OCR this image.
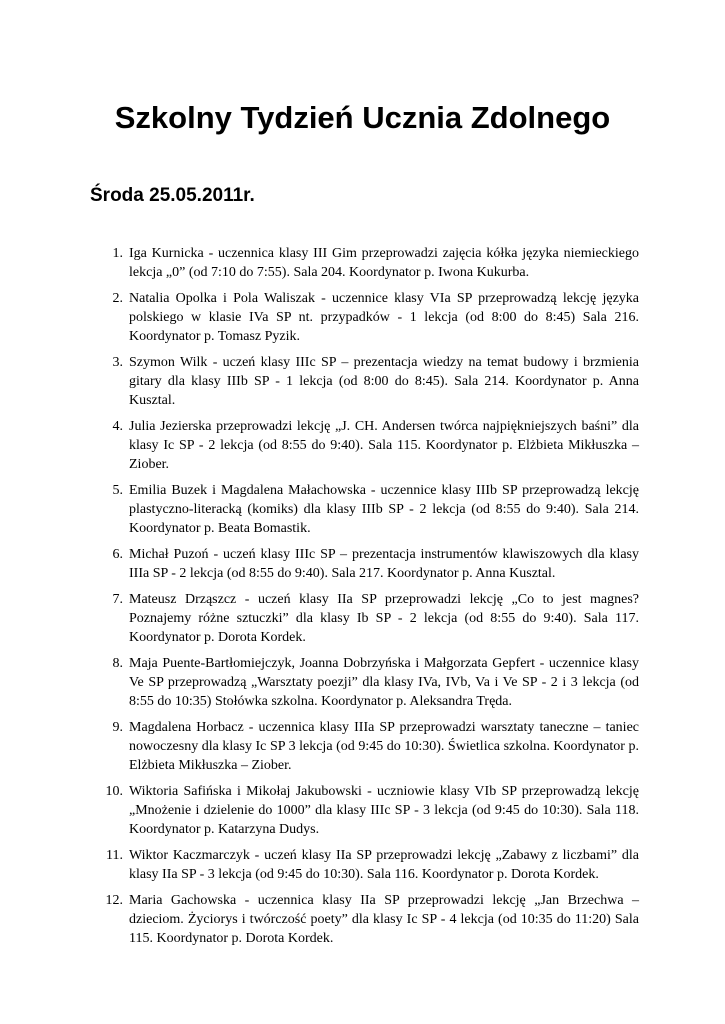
Szkolny Tydzień Ucznia Zdolnego
Środa 25.05.2011r.
1. Iga Kurnicka - uczennica klasy III Gim przeprowadzi zajęcia kółka języka niemieckiego lekcja „0” (od 7:10 do 7:55). Sala 204. Koordynator p. Iwona Kukurba.
2. Natalia Opolka i Pola Waliszak - uczennice klasy VIa SP przeprowadzą lekcję języka polskiego w klasie IVa SP nt. przypadków - 1 lekcja (od 8:00 do 8:45) Sala 216. Koordynator p. Tomasz Pyzik.
3. Szymon Wilk - uczeń klasy IIIc SP – prezentacja wiedzy na temat budowy i brzmienia gitary dla klasy IIIb SP - 1 lekcja (od 8:00 do 8:45). Sala 214. Koordynator p. Anna Kusztal.
4. Julia Jezierska przeprowadzi lekcję „J. CH. Andersen twórca najpiękniejszych baśni” dla klasy Ic SP - 2 lekcja (od 8:55 do 9:40). Sala 115. Koordynator p. Elżbieta Mikłuszka – Ziober.
5. Emilia Buzek i Magdalena Małachowska - uczennice klasy IIIb SP przeprowadzą lekcję plastyczno-literacką (komiks) dla klasy IIIb SP - 2 lekcja (od 8:55 do 9:40). Sala 214. Koordynator p. Beata Bomastik.
6. Michał Puzoń - uczeń klasy IIIc SP – prezentacja instrumentów klawiszowych dla klasy IIIa SP - 2 lekcja (od 8:55 do 9:40). Sala 217. Koordynator p. Anna Kusztal.
7. Mateusz Drząszcz - uczeń klasy IIa SP przeprowadzi lekcję „Co to jest magnes? Poznajemy różne sztuczki” dla klasy Ib SP - 2 lekcja (od 8:55 do 9:40). Sala 117. Koordynator p. Dorota Kordek.
8. Maja Puente-Bartłomiejczyk, Joanna Dobrzyńska i Małgorzata Gepfert - uczennice klasy Ve SP przeprowadzą „Warsztaty poezji” dla klasy IVa, IVb, Va i Ve SP - 2 i 3 lekcja (od 8:55 do 10:35) Stołówka szkolna. Koordynator p. Aleksandra Tręda.
9. Magdalena Horbacz - uczennica klasy IIIa SP przeprowadzi warsztaty taneczne – taniec nowoczesny dla klasy Ic SP 3 lekcja (od 9:45 do 10:30). Świetlica szkolna. Koordynator p. Elżbieta Mikłuszka – Ziober.
10. Wiktoria Safińska i Mikołaj Jakubowski - uczniowie klasy VIb SP przeprowadzą lekcję „Mnożenie i dzielenie do 1000” dla klasy IIIc SP - 3 lekcja (od 9:45 do 10:30). Sala 118. Koordynator p. Katarzyna Dudys.
11. Wiktor Kaczmarczyk - uczeń klasy IIa SP przeprowadzi lekcję „Zabawy z liczbami” dla klasy IIa SP - 3 lekcja (od 9:45 do 10:30). Sala 116. Koordynator p. Dorota Kordek.
12. Maria Gachowska - uczennica klasy IIa SP przeprowadzi lekcję „Jan Brzechwa – dzieciom. Życiorys i twórczość poety” dla klasy Ic SP - 4 lekcja (od 10:35 do 11:20) Sala 115. Koordynator p. Dorota Kordek.
